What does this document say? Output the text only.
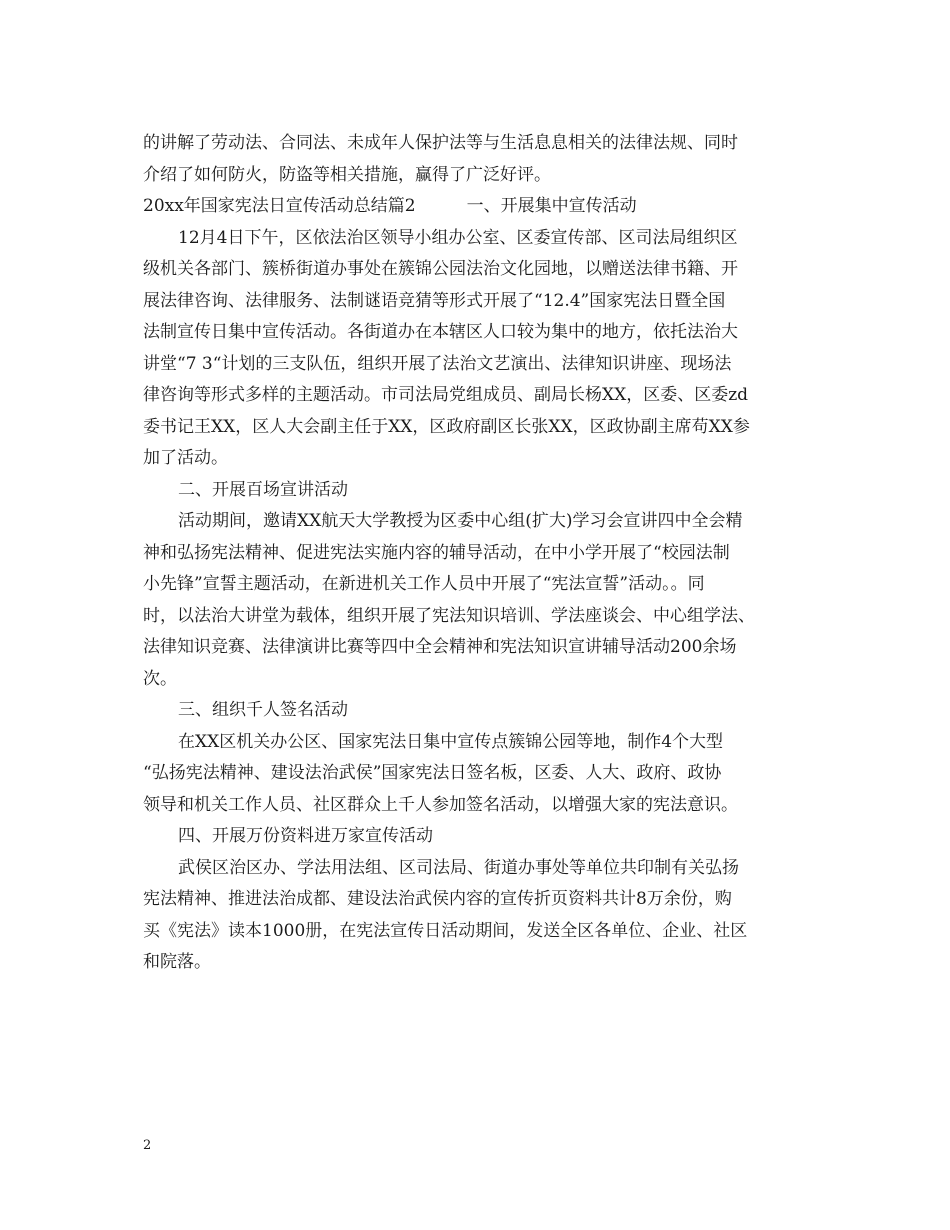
的讲解了劳动法、合同法、未成年人保护法等与生活息息相关的法律法规、同时
介绍了如何防火，防盗等相关措施，赢得了广泛好评。
20xx年国家宪法日宣传活动总结篇2　　　一、开展集中宣传活动
12月4日下午，区依法治区领导小组办公室、区委宣传部、区司法局组织区
级机关各部门、簇桥街道办事处在簇锦公园法治文化园地，以赠送法律书籍、开
展法律咨询、法律服务、法制谜语竞猜等形式开展了“12.4”国家宪法日暨全国
法制宣传日集中宣传活动。各街道办在本辖区人口较为集中的地方，依托法治大
讲堂“7 3“计划的三支队伍，组织开展了法治文艺演出、法律知识讲座、现场法
律咨询等形式多样的主题活动。市司法局党组成员、副局长杨XX，区委、区委zd
委书记王XX，区人大会副主任于XX，区政府副区长张XX，区政协副主席苟XX参
加了活动。
二、开展百场宣讲活动
活动期间，邀请XX航天大学教授为区委中心组(扩大)学习会宣讲四中全会精
神和弘扬宪法精神、促进宪法实施内容的辅导活动，在中小学开展了“校园法制
小先锋”宣誓主题活动，在新进机关工作人员中开展了“宪法宣誓”活动。。同
时，以法治大讲堂为载体，组织开展了宪法知识培训、学法座谈会、中心组学法、
法律知识竞赛、法律演讲比赛等四中全会精神和宪法知识宣讲辅导活动200余场
次。
三、组织千人签名活动
在XX区机关办公区、国家宪法日集中宣传点簇锦公园等地，制作4个大型
“弘扬宪法精神、建设法治武侯”国家宪法日签名板，区委、人大、政府、政协
领导和机关工作人员、社区群众上千人参加签名活动，以增强大家的宪法意识。
四、开展万份资料进万家宣传活动
武侯区治区办、学法用法组、区司法局、街道办事处等单位共印制有关弘扬
宪法精神、推进法治成都、建设法治武侯内容的宣传折页资料共计8万余份，购
买《宪法》读本1000册，在宪法宣传日活动期间，发送全区各单位、企业、社区
和院落。
2
